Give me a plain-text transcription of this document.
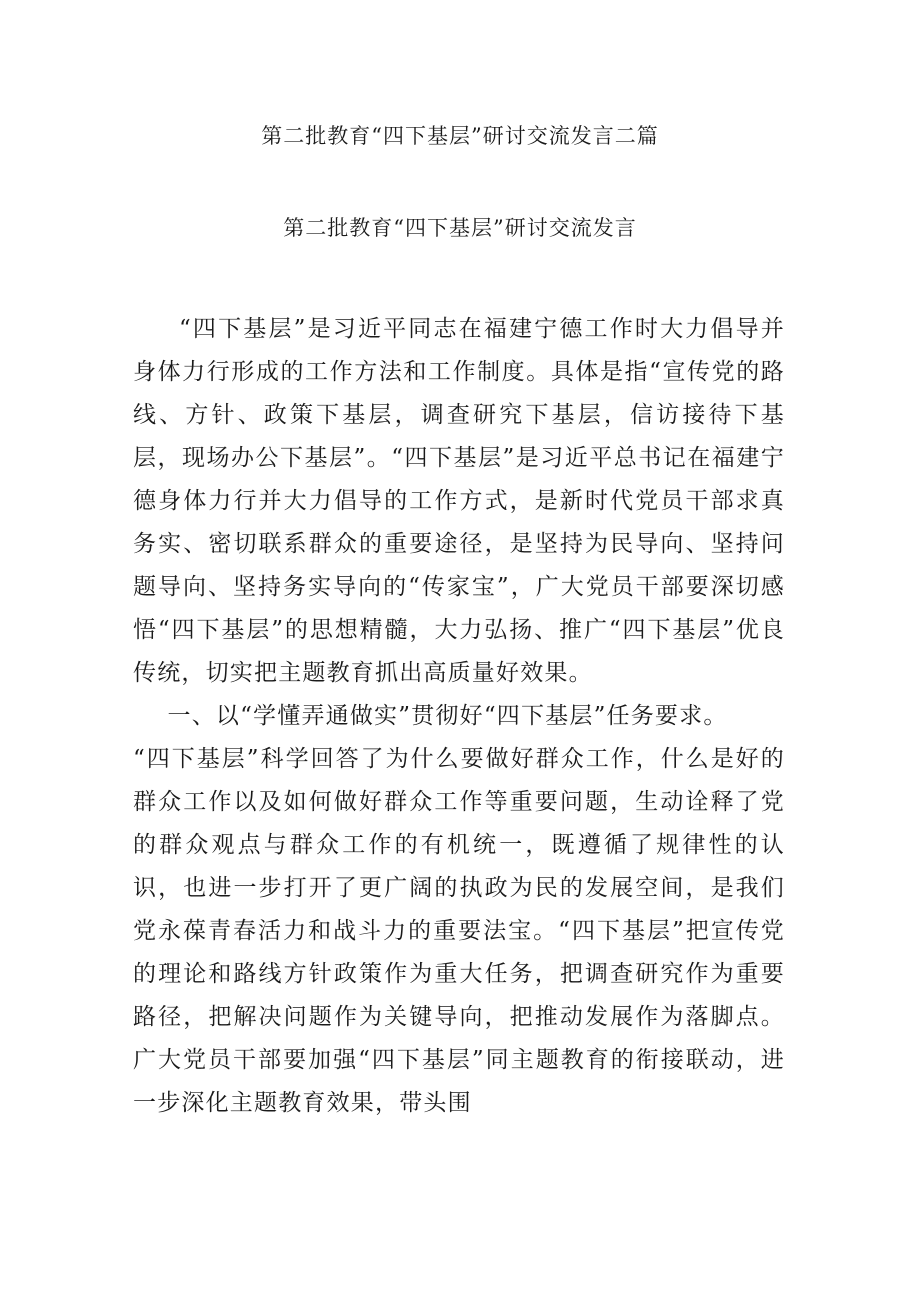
第二批教育“四下基层”研讨交流发言二篇
第二批教育“四下基层”研讨交流发言

“四下基层”是习近平同志在福建宁德工作时大力倡导并身体力行形成的工作方法和工作制度。具体是指“宣传党的路线、方针、政策下基层，调查研究下基层，信访接待下基层，现场办公下基层”。“四下基层”是习近平总书记在福建宁德身体力行并大力倡导的工作方式，是新时代党员干部求真务实、密切联系群众的重要途径，是坚持为民导向、坚持问题导向、坚持务实导向的“传家宝”，广大党员干部要深切感悟“四下基层”的思想精髓，大力弘扬、推广“四下基层”优良传统，切实把主题教育抓出高质量好效果。

一、以“学懂弄通做实”贯彻好“四下基层”任务要求。

“四下基层”科学回答了为什么要做好群众工作，什么是好的群众工作以及如何做好群众工作等重要问题，生动诠释了党的群众观点与群众工作的有机统一，既遵循了规律性的认识，也进一步打开了更广阔的执政为民的发展空间，是我们党永葆青春活力和战斗力的重要法宝。“四下基层”把宣传党的理论和路线方针政策作为重大任务，把调查研究作为重要路径，把解决问题作为关键导向，把推动发展作为落脚点。广大党员干部要加强“四下基层”同主题教育的衔接联动，进一步深化主题教育效果，带头围
